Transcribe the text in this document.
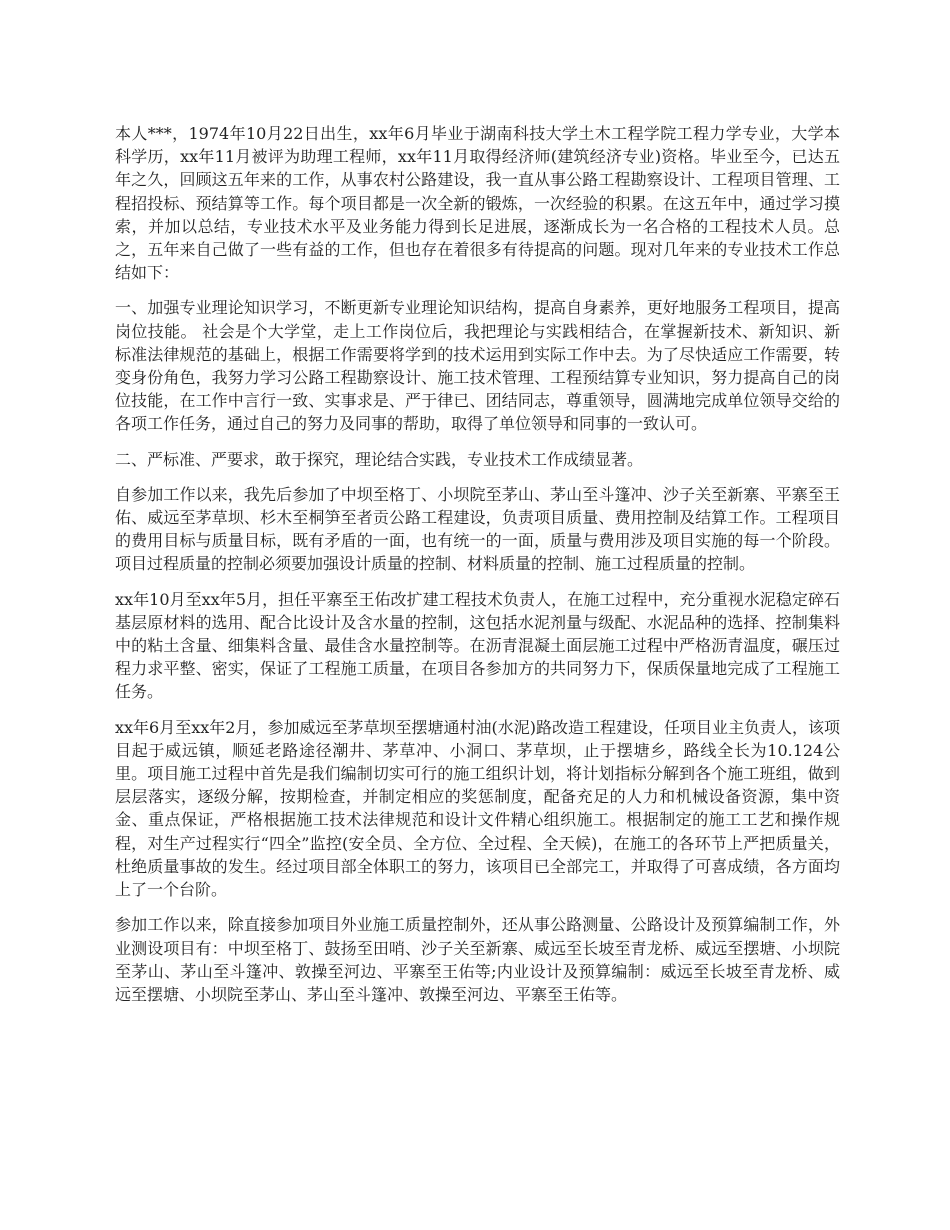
本人***，1974年10月22日出生，xx年6月毕业于湖南科技大学土木工程学院工程力学专业，大学本科学历，xx年11月被评为助理工程师，xx年11月取得经济师(建筑经济专业)资格。毕业至今，已达五年之久，回顾这五年来的工作，从事农村公路建设，我一直从事公路工程勘察设计、工程项目管理、工程招投标、预结算等工作。每个项目都是一次全新的锻炼，一次经验的积累。在这五年中，通过学习摸索，并加以总结，专业技术水平及业务能力得到长足进展，逐渐成长为一名合格的工程技术人员。总之，五年来自己做了一些有益的工作，但也存在着很多有待提高的问题。现对几年来的专业技术工作总结如下：

一、加强专业理论知识学习，不断更新专业理论知识结构，提高自身素养，更好地服务工程项目，提高岗位技能。 社会是个大学堂，走上工作岗位后，我把理论与实践相结合，在掌握新技术、新知识、新标准法律规范的基础上，根据工作需要将学到的技术运用到实际工作中去。为了尽快适应工作需要，转变身份角色，我努力学习公路工程勘察设计、施工技术管理、工程预结算专业知识，努力提高自己的岗位技能，在工作中言行一致、实事求是、严于律已、团结同志，尊重领导，圆满地完成单位领导交给的各项工作任务，通过自己的努力及同事的帮助，取得了单位领导和同事的一致认可。

二、严标准、严要求，敢于探究，理论结合实践，专业技术工作成绩显著。

自参加工作以来，我先后参加了中坝至格丁、小坝院至茅山、茅山至斗篷冲、沙子关至新寨、平寨至王佑、威远至茅草坝、杉木至桐笋至者贡公路工程建设，负责项目质量、费用控制及结算工作。工程项目的费用目标与质量目标，既有矛盾的一面，也有统一的一面，质量与费用涉及项目实施的每一个阶段。项目过程质量的控制必须要加强设计质量的控制、材料质量的控制、施工过程质量的控制。

xx年10月至xx年5月，担任平寨至王佑改扩建工程技术负责人，在施工过程中，充分重视水泥稳定碎石基层原材料的选用、配合比设计及含水量的控制，这包括水泥剂量与级配、水泥品种的选择、控制集料中的粘土含量、细集料含量、最佳含水量控制等。在沥青混凝土面层施工过程中严格沥青温度，碾压过程力求平整、密实，保证了工程施工质量，在项目各参加方的共同努力下，保质保量地完成了工程施工任务。

xx年6月至xx年2月，参加威远至茅草坝至摆塘通村油(水泥)路改造工程建设，任项目业主负责人，该项目起于威远镇，顺延老路途径潮井、茅草冲、小洞口、茅草坝，止于摆塘乡，路线全长为10.124公里。项目施工过程中首先是我们编制切实可行的施工组织计划，将计划指标分解到各个施工班组，做到层层落实，逐级分解，按期检查，并制定相应的奖惩制度，配备充足的人力和机械设备资源，集中资金、重点保证，严格根据施工技术法律规范和设计文件精心组织施工。根据制定的施工工艺和操作规程，对生产过程实行“四全”监控(安全员、全方位、全过程、全天候)，在施工的各环节上严把质量关，杜绝质量事故的发生。经过项目部全体职工的努力，该项目已全部完工，并取得了可喜成绩，各方面均上了一个台阶。

参加工作以来，除直接参加项目外业施工质量控制外，还从事公路测量、公路设计及预算编制工作，外业测设项目有：中坝至格丁、鼓扬至田哨、沙子关至新寨、威远至长坡至青龙桥、威远至摆塘、小坝院至茅山、茅山至斗篷冲、敦操至河边、平寨至王佑等;内业设计及预算编制：威远至长坡至青龙桥、威远至摆塘、小坝院至茅山、茅山至斗篷冲、敦操至河边、平寨至王佑等。
